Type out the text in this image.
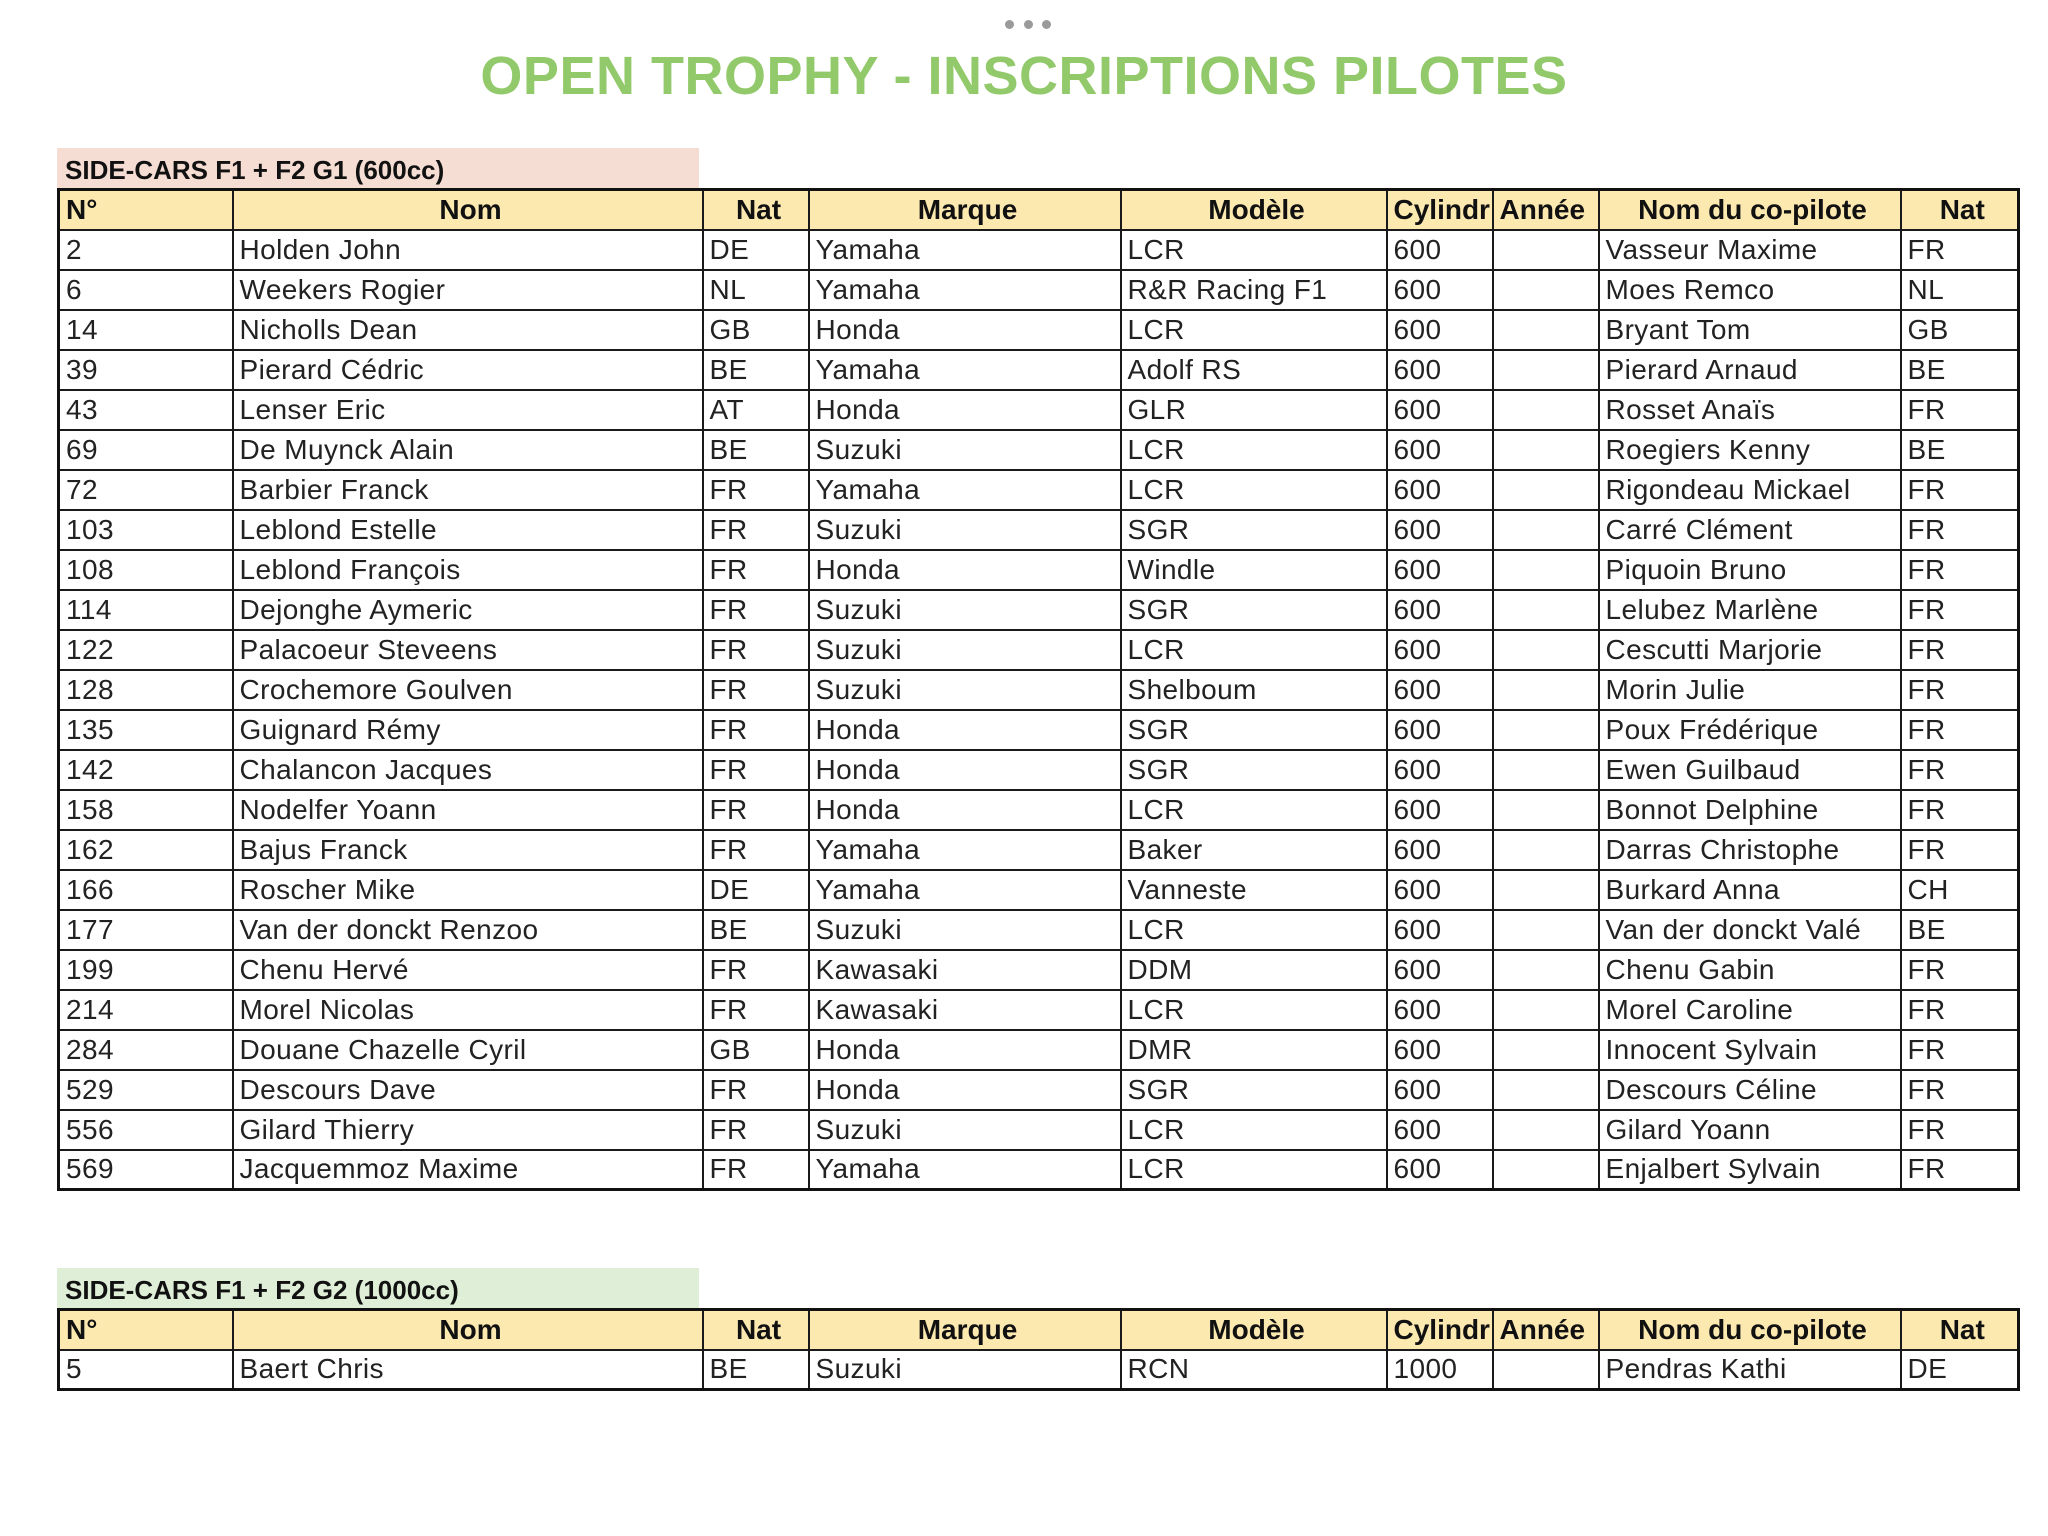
OPEN TROPHY - INSCRIPTIONS PILOTES
SIDE-CARS F1 + F2 G1 (600cc)
N°	Nom	Nat	Marque	Modèle	Cylindr	Année	Nom du co-pilote	Nat
2	Holden John	DE	Yamaha	LCR	600		Vasseur Maxime	FR
6	Weekers Rogier	NL	Yamaha	R&R Racing F1	600		Moes Remco	NL
14	Nicholls Dean	GB	Honda	LCR	600		Bryant Tom	GB
39	Pierard Cédric	BE	Yamaha	Adolf RS	600		Pierard Arnaud	BE
43	Lenser Eric	AT	Honda	GLR	600		Rosset Anaïs	FR
69	De Muynck Alain	BE	Suzuki	LCR	600		Roegiers Kenny	BE
72	Barbier Franck	FR	Yamaha	LCR	600		Rigondeau Mickael	FR
103	Leblond Estelle	FR	Suzuki	SGR	600		Carré Clément	FR
108	Leblond François	FR	Honda	Windle	600		Piquoin Bruno	FR
114	Dejonghe Aymeric	FR	Suzuki	SGR	600		Lelubez Marlène	FR
122	Palacoeur Steveens	FR	Suzuki	LCR	600		Cescutti Marjorie	FR
128	Crochemore Goulven	FR	Suzuki	Shelboum	600		Morin Julie	FR
135	Guignard Rémy	FR	Honda	SGR	600		Poux Frédérique	FR
142	Chalancon Jacques	FR	Honda	SGR	600		Ewen Guilbaud	FR
158	Nodelfer Yoann	FR	Honda	LCR	600		Bonnot Delphine	FR
162	Bajus Franck	FR	Yamaha	Baker	600		Darras Christophe	FR
166	Roscher Mike	DE	Yamaha	Vanneste	600		Burkard Anna	CH
177	Van der donckt Renzoo	BE	Suzuki	LCR	600		Van der donckt Valé	BE
199	Chenu Hervé	FR	Kawasaki	DDM	600		Chenu Gabin	FR
214	Morel Nicolas	FR	Kawasaki	LCR	600		Morel Caroline	FR
284	Douane Chazelle Cyril	GB	Honda	DMR	600		Innocent Sylvain	FR
529	Descours Dave	FR	Honda	SGR	600		Descours Céline	FR
556	Gilard Thierry	FR	Suzuki	LCR	600		Gilard Yoann	FR
569	Jacquemmoz Maxime	FR	Yamaha	LCR	600		Enjalbert Sylvain	FR
SIDE-CARS F1 + F2 G2 (1000cc)
N°	Nom	Nat	Marque	Modèle	Cylindr	Année	Nom du co-pilote	Nat
5	Baert Chris	BE	Suzuki	RCN	1000		Pendras Kathi	DE
